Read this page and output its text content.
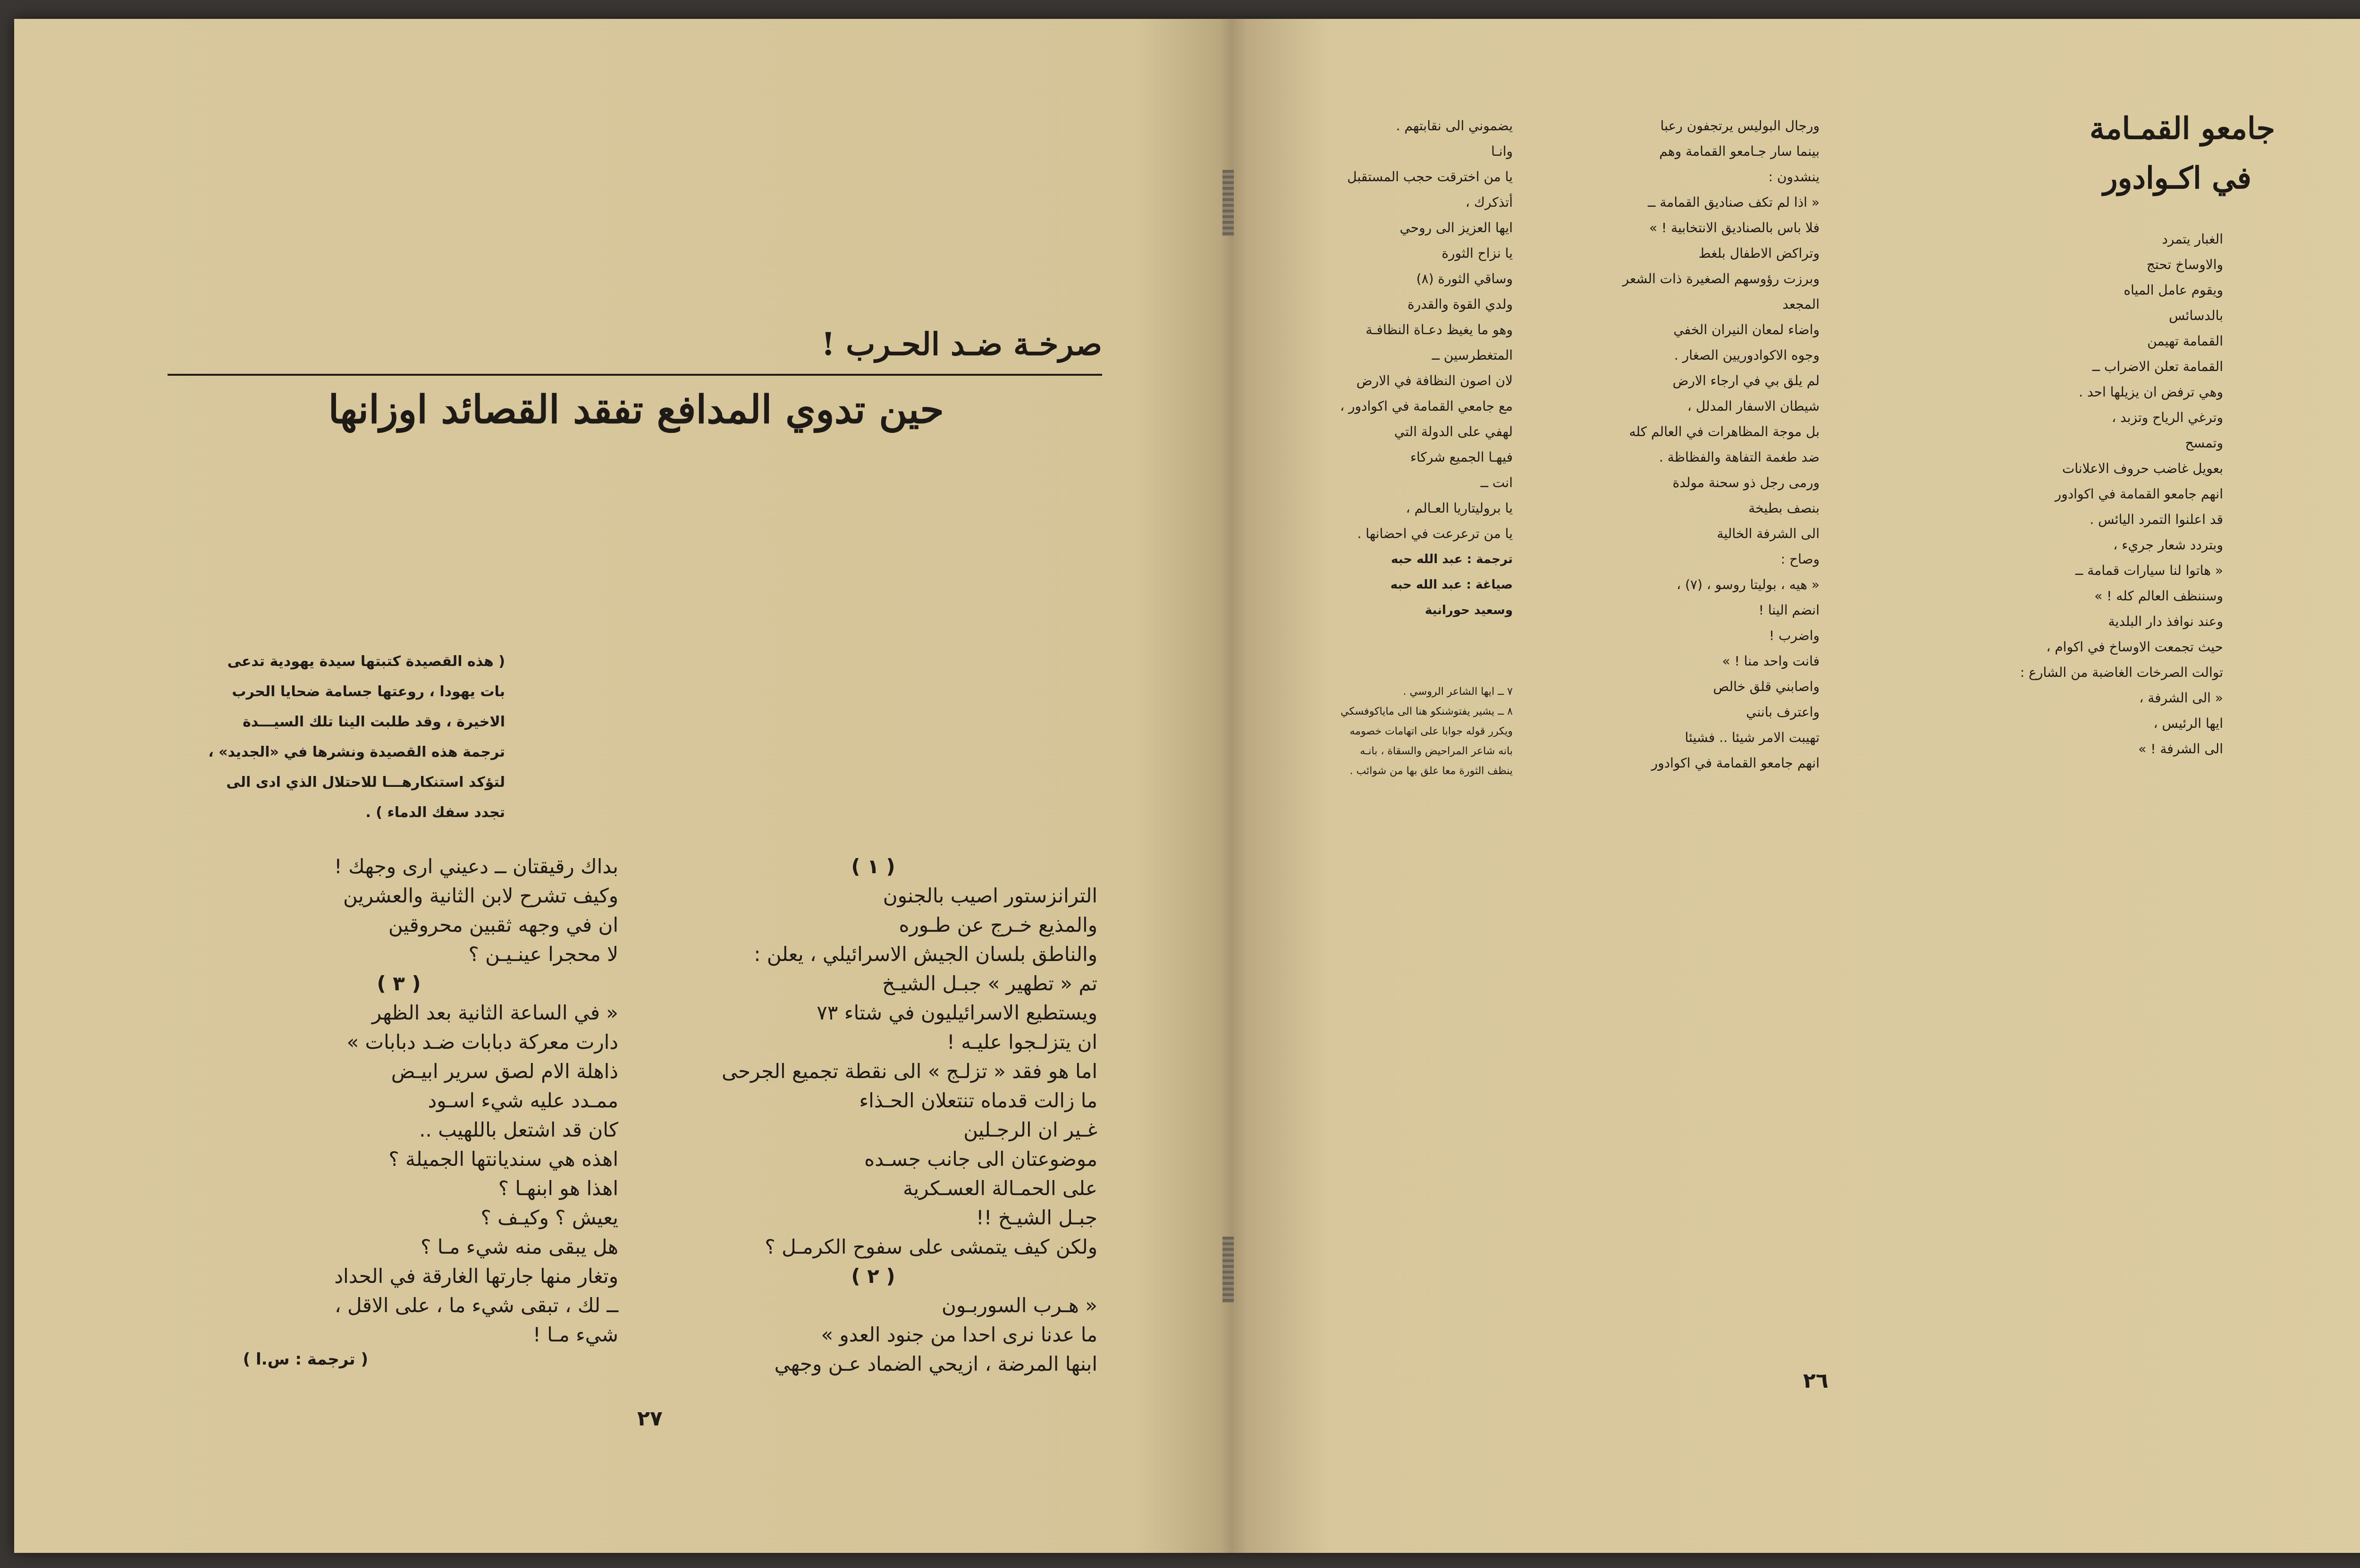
صرخـة ضـد الحـرب !
حين تدوي المدافع تفقد القصائد اوزانها

( هذه القصيدة كتبتها سيدة يهودية تدعى

بات يهودا ، روعتها جسامة ضحايا الحرب

الاخيرة ، وقد طلبت الينا تلك السيـــدة

ترجمة هذه القصيدة ونشرها في «الجديد» ،

لتؤكد استنكارهـــا للاحتلال الذي ادى الى

تجدد سفك الدماء ) .

( ١ )

الترانزستور اصيب بالجنون

والمذيع خـرج عن طـوره

والناطق بلسان الجيش الاسرائيلي ، يعلن :

تم « تطهير » جبـل الشيـخ

ويستطيع الاسرائيليون في شتاء ٧٣

ان يتزلـجوا عليـه !

اما هو فقد « تزلـج » الى نقطة تجميع الجرحى

ما زالت قدماه تنتعلان الحـذاء

غـير ان الرجـلين

موضوعتان الى جانب جسـده

على الحمـالة العسـكرية

جبـل الشيـخ !!

ولكن كيف يتمشى على سفوح الكرمـل ؟

( ٢ )

« هـرب السوربـون

ما عدنا نرى احدا من جنود العدو »

ابنها المرضة ، ازيحي الضماد عـن وجهي

بداك رقيقتان ــ دعيني ارى وجهك !

وكيف تشرح لابن الثانية والعشرين

ان في وجهه ثقبين محروقين

لا محجرا عينـيـن ؟

( ٣ )

« في الساعة الثانية بعد الظهر

دارت معركة دبابات ضـد دبابات »

ذاهلة الام لصق سرير ابيـض

ممـدد عليه شيء اسـود

كان قد اشتعل باللهيب ..

اهذه هي سنديانتها الجميلة ؟

اهذا هو ابنهـا ؟

يعيش ؟ وكيـف ؟

هل يبقى منه شيء مـا ؟

وتغار منها جارتها الغارقة في الحداد

ــ لك ، تبقى شيء ما ، على الاقل ،

شيء مـا !

( ترجمة : س.ا )

٢٧
جامعو القمـامة
في اكـوادور

الغبار يتمرد

والاوساخ تحتج

ويقوم عامل المياه

بالدسائس

القمامة تهيمن

القمامة تعلن الاضراب ــ

وهي ترفض ان يزيلها احد .

وترغي الرياح وتزبد ،

وتمسح

بعويل غاضب حروف الاعلانات

انهم جامعو القمامة في اكوادور

قد اعلنوا التمرد اليائس .

وبتردد شعار جريء ،

« هاتوا لنا سيارات قمامة ــ

وسننظف العالم كله ! »

وعند نوافذ دار البلدية

حيث تجمعت الاوساخ في اكوام ،

توالت الصرخات الغاضبة من الشارع :

« الى الشرفة ،

ايها الرئيس ،

الى الشرفة ! »

ورجال البوليس يرتجفون رعبا

بينما سار جـامعو القمامة وهم

ينشدون :

« اذا لم تكف صناديق القمامة ــ

فلا باس بالصناديق الانتخابية ! »

وتراكض الاطفال بلغط

وبرزت رؤوسهم الصغيرة ذات الشعر

المجعد

واضاء لمعان النيران الخفي

وجوه الاكوادوريين الصغار .

لم يلق بي في ارجاء الارض

شيطان الاسفار المدلل ،

بل موجة المظاهرات في العالم كله

ضد طغمة التفاهة والفظاظة .

ورمى رجل ذو سحنة مولدة

بنصف بطيخة

الى الشرفة الخالية

وصاح :

« هيه ، بوليتا روسو ، (٧) ،

انضم الينا !

واضرب !

فانت واحد منا ! »

واصابني قلق خالص

واعترف بانني

تهيبت الامر شيئا .. فشيئا

انهم جامعو القمامة في اكوادور

يضموني الى نقابتهم .

وانـا

يا من اخترقت حجب المستقبل

أتذكرك ،

ايها العزيز الى روحي

يا نزاح الثورة

وساقي الثورة (٨)

ولدي القوة والقدرة

وهو ما يغيظ دعـاة النظافـة

المتغطرسين ــ

لان اصون النظافة في الارض

مع جامعي القمامة في اكوادور ،

لهفي على الدولة التي

فيهـا الجميع شركاء

انت ــ

يا بروليتاريا العـالم ،

يا من ترعرعت في احضانها .

ترجمة : عبد الله حبه

صياغة : عبد الله حبه

وسعيد حورانية

٧ ــ ايها الشاعر الروسي .

٨ ــ يشير يفتوشنكو هنا الى ماياكوفسكي

ويكرر قوله جوابا على اتهامات خصومه

بانه شاعر المراحيض والسقاة ، بانـه

ينظف الثورة معا علق بها من شوائب .

٢٦
